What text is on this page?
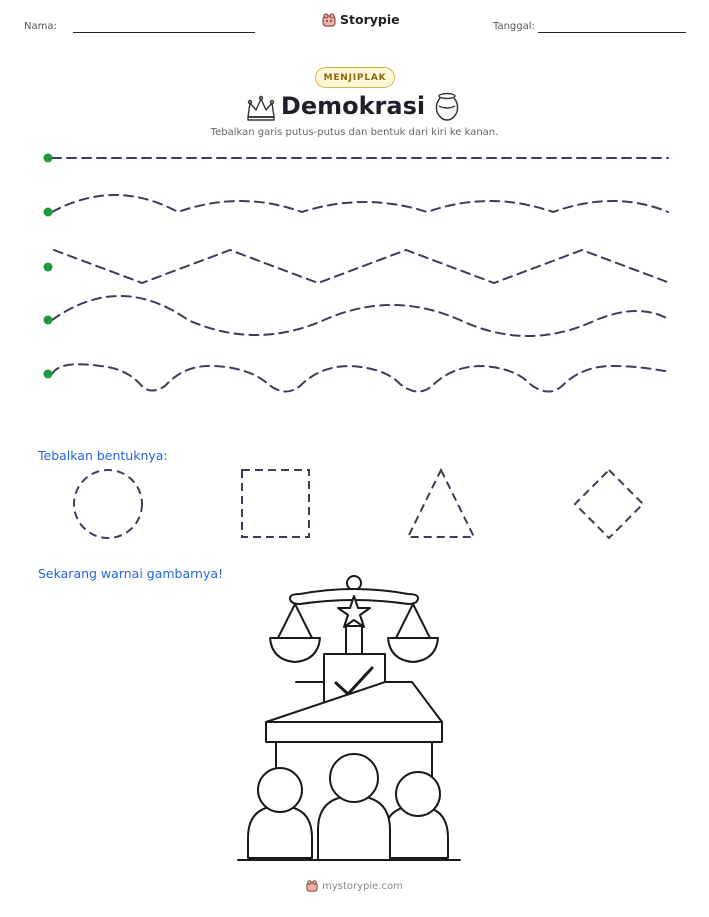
Nama:	Storypie	Tanggal:
MENJIPLAK
Demokrasi
Tebalkan garis putus-putus dan bentuk dari kiri ke kanan.
Tebalkan bentuknya:
Sekarang warnai gambarnya!
mystorypie.com
